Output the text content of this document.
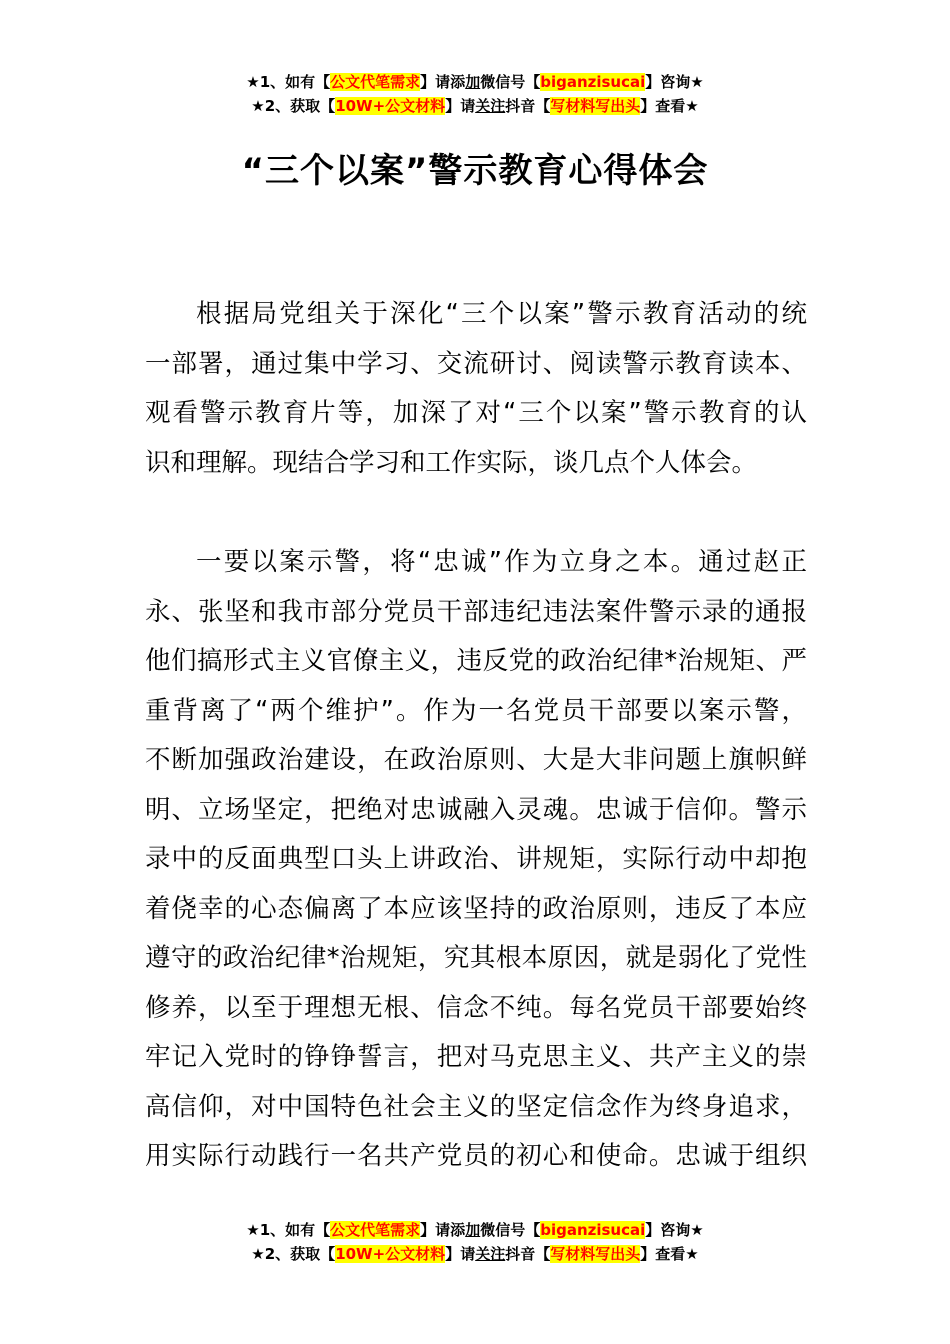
★1、如有【公文代笔需求】请添加微信号【biganzisucai】咨询★
★2、获取【10W+公文材料】请关注抖音【写材料写出头】查看★
“三个以案”警示教育心得体会
根据局党组关于深化“三个以案”警示教育活动的统
一部署，通过集中学习、交流研讨、阅读警示教育读本、
观看警示教育片等，加深了对“三个以案”警示教育的认
识和理解。现结合学习和工作实际，谈几点个人体会。
一要以案示警，将“忠诚”作为立身之本。通过赵正
永、张坚和我市部分党员干部违纪违法案件警示录的通报
他们搞形式主义官僚主义，违反党的政治纪律*治规矩、严
重背离了“两个维护”。作为一名党员干部要以案示警，
不断加强政治建设，在政治原则、大是大非问题上旗帜鲜
明、立场坚定，把绝对忠诚融入灵魂。忠诚于信仰。警示
录中的反面典型口头上讲政治、讲规矩，实际行动中却抱
着侥幸的心态偏离了本应该坚持的政治原则，违反了本应
遵守的政治纪律*治规矩，究其根本原因，就是弱化了党性
修养，以至于理想无根、信念不纯。每名党员干部要始终
牢记入党时的铮铮誓言，把对马克思主义、共产主义的崇
高信仰，对中国特色社会主义的坚定信念作为终身追求，
用实际行动践行一名共产党员的初心和使命。忠诚于组织
★1、如有【公文代笔需求】请添加微信号【biganzisucai】咨询★
★2、获取【10W+公文材料】请关注抖音【写材料写出头】查看★
